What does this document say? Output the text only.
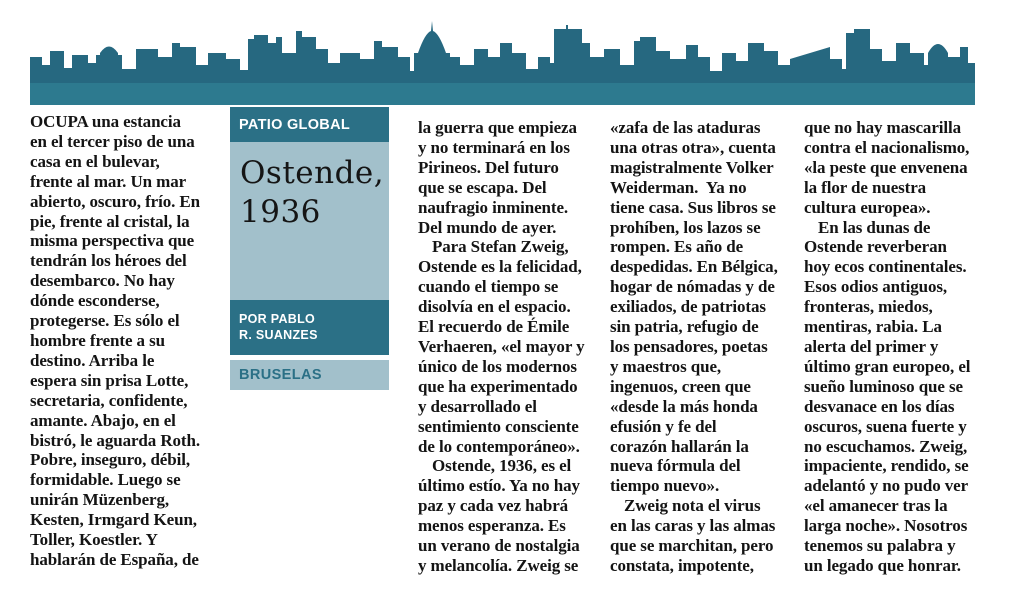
OCUPA una estancia
en el tercer piso de una
casa en el bulevar,
frente al mar. Un mar
abierto, oscuro, frío. En
pie, frente al cristal, la
misma perspectiva que
tendrán los héroes del
desembarco. No hay
dónde esconderse,
protegerse. Es sólo el
hombre frente a su
destino. Arriba le
espera sin prisa Lotte,
secretaria, confidente,
amante. Abajo, en el
bistró, le aguarda Roth.
Pobre, inseguro, débil,
formidable. Luego se
unirán Müzenberg,
Kesten, Irmgard Keun,
Toller, Koestler. Y
hablarán de España, de
PATIO GLOBAL
Ostende, 1936
POR PABLO
R. SUANZES
BRUSELAS
la guerra que empieza
y no terminará en los
Pirineos. Del futuro
que se escapa. Del
naufragio inminente.
Del mundo de ayer.
Para Stefan Zweig,
Ostende es la felicidad,
cuando el tiempo se
disolvía en el espacio.
El recuerdo de Émile
Verhaeren, «el mayor y
único de los modernos
que ha experimentado
y desarrollado el
sentimiento consciente
de lo contemporáneo».
Ostende, 1936, es el
último estío. Ya no hay
paz y cada vez habrá
menos esperanza. Es
un verano de nostalgia
y melancolía. Zweig se
«zafa de las ataduras
una otras otra», cuenta
magistralmente Volker
Weiderman.  Ya no
tiene casa. Sus libros se
prohíben, los lazos se
rompen. Es año de
despedidas. En Bélgica,
hogar de nómadas y de
exiliados, de patriotas
sin patria, refugio de
los pensadores, poetas
y maestros que,
ingenuos, creen que
«desde la más honda
efusión y fe del
corazón hallarán la
nueva fórmula del
tiempo nuevo».
Zweig nota el virus
en las caras y las almas
que se marchitan, pero
constata, impotente,
que no hay mascarilla
contra el nacionalismo,
«la peste que envenena
la flor de nuestra
cultura europea».
En las dunas de
Ostende reverberan
hoy ecos continentales.
Esos odios antiguos,
fronteras, miedos,
mentiras, rabia. La
alerta del primer y
último gran europeo, el
sueño luminoso que se
desvanace en los días
oscuros, suena fuerte y
no escuchamos. Zweig,
impaciente, rendido, se
adelantó y no pudo ver
«el amanecer tras la
larga noche». Nosotros
tenemos su palabra y
un legado que honrar.
